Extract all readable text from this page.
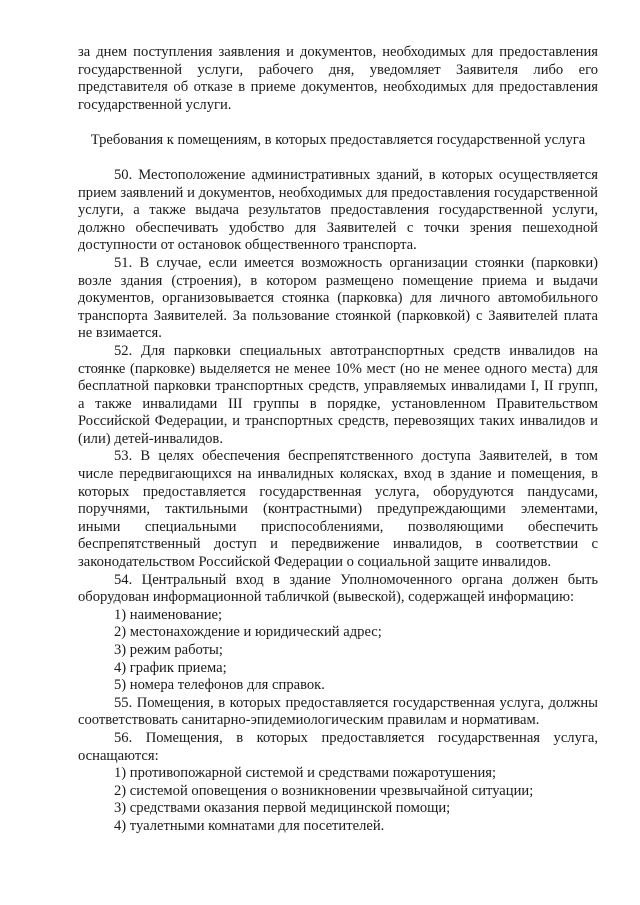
за днем поступления заявления и документов, необходимых для предоставления государственной услуги, рабочего дня, уведомляет Заявителя либо его представителя об отказе в приеме документов, необходимых для предоставления государственной услуги.

Требования к помещениям, в которых предоставляется государственной услуга

50. Местоположение административных зданий, в которых осуществляется прием заявлений и документов, необходимых для предоставления государственной услуги, а также выдача результатов предоставления государственной услуги, должно обеспечивать удобство для Заявителей с точки зрения пешеходной доступности от остановок общественного транспорта.

51. В случае, если имеется возможность организации стоянки (парковки) возле здания (строения), в котором размещено помещение приема и выдачи документов, организовывается стоянка (парковка) для личного автомобильного транспорта Заявителей. За пользование стоянкой (парковкой) с Заявителей плата не взимается.

52. Для парковки специальных автотранспортных средств инвалидов на стоянке (парковке) выделяется не менее 10% мест (но не менее одного места) для бесплатной парковки транспортных средств, управляемых инвалидами I, II групп, а также инвалидами III группы в порядке, установленном Правительством Российской Федерации, и транспортных средств, перевозящих таких инвалидов и (или) детей-инвалидов.

53. В целях обеспечения беспрепятственного доступа Заявителей, в том числе передвигающихся на инвалидных колясках, вход в здание и помещения, в которых предоставляется государственная услуга, оборудуются пандусами, поручнями, тактильными (контрастными) предупреждающими элементами, иными специальными приспособлениями, позволяющими обеспечить беспрепятственный доступ и передвижение инвалидов, в соответствии с законодательством Российской Федерации о социальной защите инвалидов.

54. Центральный вход в здание Уполномоченного органа должен быть оборудован информационной табличкой (вывеской), содержащей информацию:

1) наименование;

2) местонахождение и юридический адрес;

3) режим работы;

4) график приема;

5) номера телефонов для справок.

55. Помещения, в которых предоставляется государственная услуга, должны соответствовать санитарно-эпидемиологическим правилам и нормативам.

56. Помещения, в которых предоставляется государственная услуга, оснащаются:

1) противопожарной системой и средствами пожаротушения;

2) системой оповещения о возникновении чрезвычайной ситуации;

3) средствами оказания первой медицинской помощи;

4) туалетными комнатами для посетителей.
